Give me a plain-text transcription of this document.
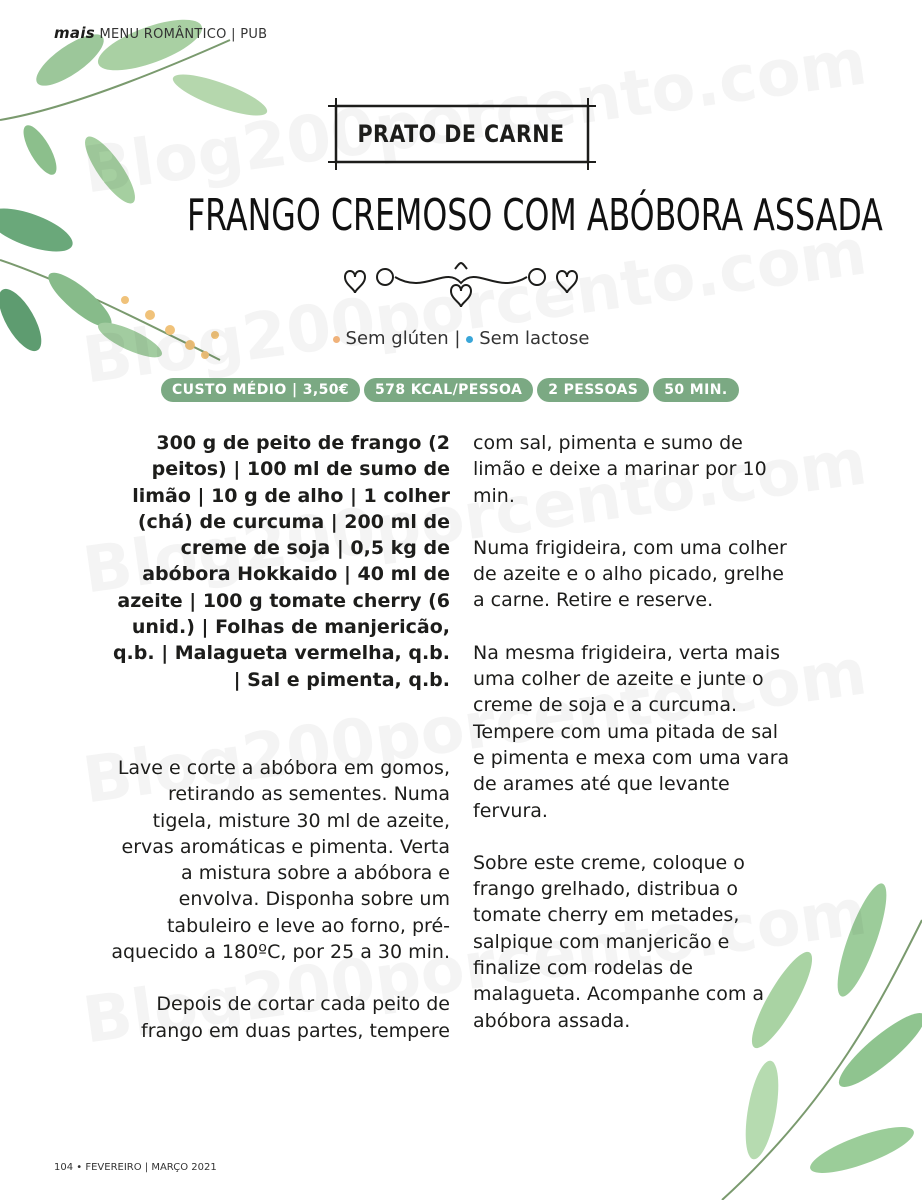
mais MENU ROMÂNTICO | PUB
PRATO DE CARNE
FRANGO CREMOSO COM ABÓBORA ASSADA
Sem glúten | Sem lactose
CUSTO MÉDIO | 3,50€	578 KCAL/PESSOA	2 PESSOAS	50 MIN.

300 g de peito de frango (2 peitos) | 100 ml de sumo de limão | 10 g de alho | 1 colher (chá) de curcuma | 200 ml de creme de soja | 0,5 kg de abóbora Hokkaido | 40 ml de azeite | 100 g tomate cherry (6 unid.) | Folhas de manjericão, q.b. | Malagueta vermelha, q.b. | Sal e pimenta, q.b.

Lave e corte a abóbora em gomos, retirando as sementes. Numa tigela, misture 30 ml de azeite, ervas aromáticas e pimenta. Verta a mistura sobre a abóbora e envolva. Disponha sobre um tabuleiro e leve ao forno, pré-aquecido a 180ºC, por 25 a 30 min.

Depois de cortar cada peito de frango em duas partes, tempere

com sal, pimenta e sumo de limão e deixe a marinar por 10 min.

Numa frigideira, com uma colher de azeite e o alho picado, grelhe a carne. Retire e reserve.

Na mesma frigideira, verta mais uma colher de azeite e junte o creme de soja e a curcuma. Tempere com uma pitada de sal e pimenta e mexa com uma vara de arames até que levante fervura.

Sobre este creme, coloque o frango grelhado, distribua o tomate cherry em metades, salpique com manjericão e finalize com rodelas de malagueta. Acompanhe com a abóbora assada.

104 • FEVEREIRO | MARÇO 2021
